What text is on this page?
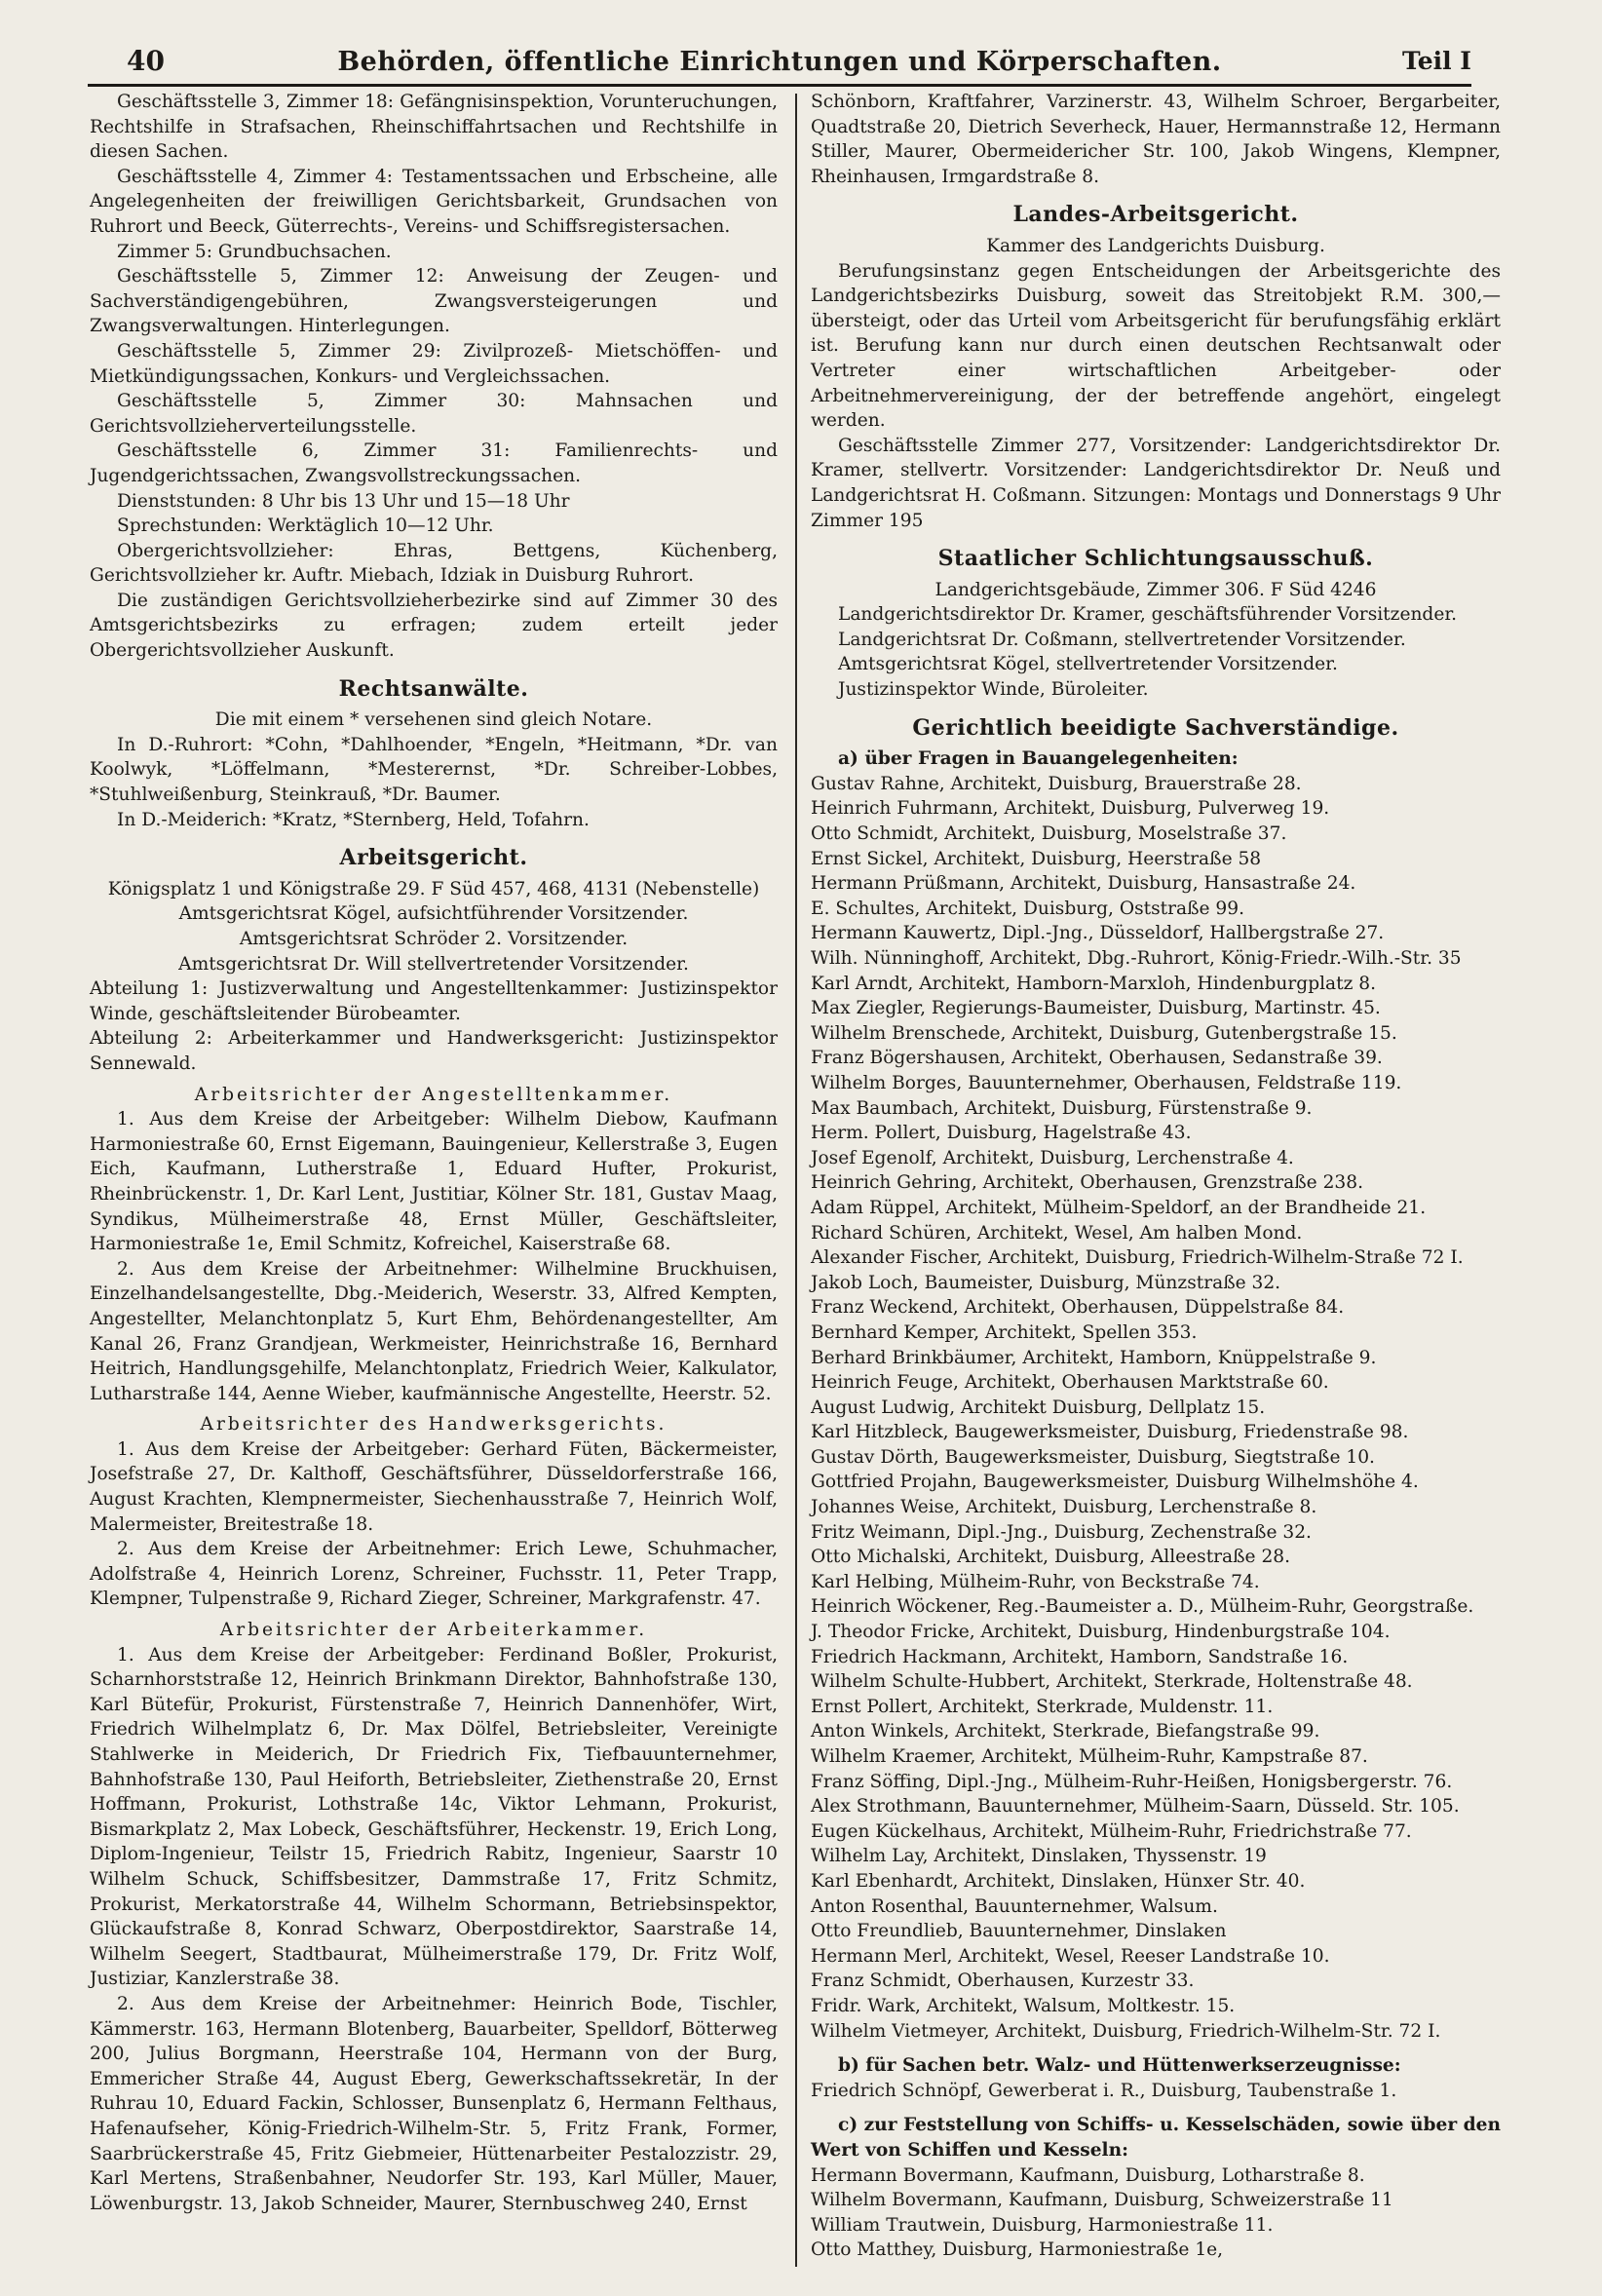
40	Behörden, öffentliche Einrichtungen und Körperschaften.	Teil I

Geschäftsstelle 3, Zimmer 18: Gefängnisinspektion, Vorunteruchungen, Rechtshilfe in Strafsachen, Rheinschiffahrtsachen und Rechtshilfe in diesen Sachen.

Geschäftsstelle 4, Zimmer 4: Testamentssachen und Erbscheine, alle Angelegenheiten der freiwilligen Gerichtsbarkeit, Grundsachen von Ruhrort und Beeck, Güterrechts-, Vereins- und Schiffsregistersachen.

Zimmer 5: Grundbuchsachen.

Geschäftsstelle 5, Zimmer 12: Anweisung der Zeugen- und Sachverständigengebühren, Zwangsversteigerungen und Zwangsverwaltungen. Hinterlegungen.

Geschäftsstelle 5, Zimmer 29: Zivilprozeß- Mietschöffen- und Mietkündigungssachen, Konkurs- und Vergleichssachen.

Geschäftsstelle 5, Zimmer 30: Mahnsachen und Gerichtsvollzieherverteilungsstelle.

Geschäftsstelle 6, Zimmer 31: Familienrechts- und Jugendgerichtssachen, Zwangsvollstreckungssachen.

Dienststunden: 8 Uhr bis 13 Uhr und 15—18 Uhr

Sprechstunden: Werktäglich 10—12 Uhr.

Obergerichtsvollzieher: Ehras, Bettgens, Küchenberg, Gerichtsvollzieher kr. Auftr. Miebach, Idziak in Duisburg Ruhrort.

Die zuständigen Gerichtsvollzieherbezirke sind auf Zimmer 30 des Amtsgerichtsbezirks zu erfragen; zudem erteilt jeder Obergerichtsvollzieher Auskunft.

Rechtsanwälte.

Die mit einem * versehenen sind gleich Notare.

In D.-Ruhrort: *Cohn, *Dahlhoender, *Engeln, *Heitmann, *Dr. van Koolwyk, *Löffelmann, *Mesterernst, *Dr. Schreiber-Lobbes, *Stuhlweißenburg, Steinkrauß, *Dr. Baumer.

In D.-Meiderich: *Kratz, *Sternberg, Held, Tofahrn.

Arbeitsgericht.

Königsplatz 1 und Königstraße 29. F Süd 457, 468, 4131 (Nebenstelle)

Amtsgerichtsrat Kögel, aufsichtführender Vorsitzender.

Amtsgerichtsrat Schröder 2. Vorsitzender.

Amtsgerichtsrat Dr. Will stellvertretender Vorsitzender.

Abteilung 1: Justizverwaltung und Angestelltenkammer: Justizinspektor Winde, geschäftsleitender Bürobeamter.

Abteilung 2: Arbeiterkammer und Handwerksgericht: Justizinspektor Sennewald.

Arbeitsrichter der Angestelltenkammer.

1. Aus dem Kreise der Arbeitgeber: Wilhelm Diebow, Kaufmann Harmoniestraße 60, Ernst Eigemann, Bauingenieur, Kellerstraße 3, Eugen Eich, Kaufmann, Lutherstraße 1, Eduard Hufter, Prokurist, Rheinbrückenstr. 1, Dr. Karl Lent, Justitiar, Kölner Str. 181, Gustav Maag, Syndikus, Mülheimerstraße 48, Ernst Müller, Geschäftsleiter, Harmoniestraße 1e, Emil Schmitz, Kofreichel, Kaiserstraße 68.

2. Aus dem Kreise der Arbeitnehmer: Wilhelmine Bruckhuisen, Einzelhandelsangestellte, Dbg.-Meiderich, Weserstr. 33, Alfred Kempten, Angestellter, Melanchtonplatz 5, Kurt Ehm, Behördenangestellter, Am Kanal 26, Franz Grandjean, Werkmeister, Heinrichstraße 16, Bernhard Heitrich, Handlungsgehilfe, Melanchtonplatz, Friedrich Weier, Kalkulator, Lutharstraße 144, Aenne Wieber, kaufmännische Angestellte, Heerstr. 52.

Arbeitsrichter des Handwerksgerichts.

1. Aus dem Kreise der Arbeitgeber: Gerhard Füten, Bäckermeister, Josefstraße 27, Dr. Kalthoff, Geschäftsführer, Düsseldorferstraße 166, August Krachten, Klempnermeister, Siechenhausstraße 7, Heinrich Wolf, Malermeister, Breitestraße 18.

2. Aus dem Kreise der Arbeitnehmer: Erich Lewe, Schuhmacher, Adolfstraße 4, Heinrich Lorenz, Schreiner, Fuchsstr. 11, Peter Trapp, Klempner, Tulpenstraße 9, Richard Zieger, Schreiner, Markgrafenstr. 47.

Arbeitsrichter der Arbeiterkammer.

1. Aus dem Kreise der Arbeitgeber: Ferdinand Boßler, Prokurist, Scharnhorststraße 12, Heinrich Brinkmann Direktor, Bahnhofstraße 130, Karl Bütefür, Prokurist, Fürstenstraße 7, Heinrich Dannenhöfer, Wirt, Friedrich Wilhelmplatz 6, Dr. Max Dölfel, Betriebsleiter, Vereinigte Stahlwerke in Meiderich, Dr Friedrich Fix, Tiefbauunternehmer, Bahnhofstraße 130, Paul Heiforth, Betriebsleiter, Ziethenstraße 20, Ernst Hoffmann, Prokurist, Lothstraße 14c, Viktor Lehmann, Prokurist, Bismarkplatz 2, Max Lobeck, Geschäftsführer, Heckenstr. 19, Erich Long, Diplom-Ingenieur, Teilstr 15, Friedrich Rabitz, Ingenieur, Saarstr 10 Wilhelm Schuck, Schiffsbesitzer, Dammstraße 17, Fritz Schmitz, Prokurist, Merkatorstraße 44, Wilhelm Schormann, Betriebsinspektor, Glückaufstraße 8, Konrad Schwarz, Oberpostdirektor, Saarstraße 14, Wilhelm Seegert, Stadtbaurat, Mülheimerstraße 179, Dr. Fritz Wolf, Justiziar, Kanzlerstraße 38.

2. Aus dem Kreise der Arbeitnehmer: Heinrich Bode, Tischler, Kämmerstr. 163, Hermann Blotenberg, Bauarbeiter, Spelldorf, Bötterweg 200, Julius Borgmann, Heerstraße 104, Hermann von der Burg, Emmericher Straße 44, August Eberg, Gewerkschaftssekretär, In der Ruhrau 10, Eduard Fackin, Schlosser, Bunsenplatz 6, Hermann Felthaus, Hafenaufseher, König-Friedrich-Wilhelm-Str. 5, Fritz Frank, Former, Saarbrückerstraße 45, Fritz Giebmeier, Hüttenarbeiter Pestalozzistr. 29, Karl Mertens, Straßenbahner, Neudorfer Str. 193, Karl Müller, Mauer, Löwenburgstr. 13, Jakob Schneider, Maurer, Sternbuschweg 240, Ernst

Schönborn, Kraftfahrer, Varzinerstr. 43, Wilhelm Schroer, Bergarbeiter, Quadtstraße 20, Dietrich Severheck, Hauer, Hermannstraße 12, Hermann Stiller, Maurer, Obermeidericher Str. 100, Jakob Wingens, Klempner, Rheinhausen, Irmgardstraße 8.

Landes-Arbeitsgericht.

Kammer des Landgerichts Duisburg.

Berufungsinstanz gegen Entscheidungen der Arbeitsgerichte des Landgerichtsbezirks Duisburg, soweit das Streitobjekt R.M. 300,— übersteigt, oder das Urteil vom Arbeitsgericht für berufungsfähig erklärt ist. Berufung kann nur durch einen deutschen Rechtsanwalt oder Vertreter einer wirtschaftlichen Arbeitgeber- oder Arbeitnehmervereinigung, der der betreffende angehört, eingelegt werden.

Geschäftsstelle Zimmer 277, Vorsitzender: Landgerichtsdirektor Dr. Kramer, stellvertr. Vorsitzender: Landgerichtsdirektor Dr. Neuß und Landgerichtsrat H. Coßmann. Sitzungen: Montags und Donnerstags 9 Uhr Zimmer 195

Staatlicher Schlichtungsausschuß.

Landgerichtsgebäude, Zimmer 306. F Süd 4246

Landgerichtsdirektor Dr. Kramer, geschäftsführender Vorsitzender.

Landgerichtsrat Dr. Coßmann, stellvertretender Vorsitzender.

Amtsgerichtsrat Kögel, stellvertretender Vorsitzender.

Justizinspektor Winde, Büroleiter.

Gerichtlich beeidigte Sachverständige.

a) über Fragen in Bauangelegenheiten:

Gustav Rahne, Architekt, Duisburg, Brauerstraße 28.

Heinrich Fuhrmann, Architekt, Duisburg, Pulverweg 19.

Otto Schmidt, Architekt, Duisburg, Moselstraße 37.

Ernst Sickel, Architekt, Duisburg, Heerstraße 58

Hermann Prüßmann, Architekt, Duisburg, Hansastraße 24.

E. Schultes, Architekt, Duisburg, Oststraße 99.

Hermann Kauwertz, Dipl.-Jng., Düsseldorf, Hallbergstraße 27.

Wilh. Nünninghoff, Architekt, Dbg.-Ruhrort, König-Friedr.-Wilh.-Str. 35

Karl Arndt, Architekt, Hamborn-Marxloh, Hindenburgplatz 8.

Max Ziegler, Regierungs-Baumeister, Duisburg, Martinstr. 45.

Wilhelm Brenschede, Architekt, Duisburg, Gutenbergstraße 15.

Franz Bögershausen, Architekt, Oberhausen, Sedanstraße 39.

Wilhelm Borges, Bauunternehmer, Oberhausen, Feldstraße 119.

Max Baumbach, Architekt, Duisburg, Fürstenstraße 9.

Herm. Pollert, Duisburg, Hagelstraße 43.

Josef Egenolf, Architekt, Duisburg, Lerchenstraße 4.

Heinrich Gehring, Architekt, Oberhausen, Grenzstraße 238.

Adam Rüppel, Architekt, Mülheim-Speldorf, an der Brandheide 21.

Richard Schüren, Architekt, Wesel, Am halben Mond.

Alexander Fischer, Architekt, Duisburg, Friedrich-Wilhelm-Straße 72 I.

Jakob Loch, Baumeister, Duisburg, Münzstraße 32.

Franz Weckend, Architekt, Oberhausen, Düppelstraße 84.

Bernhard Kemper, Architekt, Spellen 353.

Berhard Brinkbäumer, Architekt, Hamborn, Knüppelstraße 9.

Heinrich Feuge, Architekt, Oberhausen Marktstraße 60.

August Ludwig, Architekt Duisburg, Dellplatz 15.

Karl Hitzbleck, Baugewerksmeister, Duisburg, Friedenstraße 98.

Gustav Dörth, Baugewerksmeister, Duisburg, Siegtstraße 10.

Gottfried Projahn, Baugewerksmeister, Duisburg Wilhelmshöhe 4.

Johannes Weise, Architekt, Duisburg, Lerchenstraße 8.

Fritz Weimann, Dipl.-Jng., Duisburg, Zechenstraße 32.

Otto Michalski, Architekt, Duisburg, Alleestraße 28.

Karl Helbing, Mülheim-Ruhr, von Beckstraße 74.

Heinrich Wöckener, Reg.-Baumeister a. D., Mülheim-Ruhr, Georgstraße.

J. Theodor Fricke, Architekt, Duisburg, Hindenburgstraße 104.

Friedrich Hackmann, Architekt, Hamborn, Sandstraße 16.

Wilhelm Schulte-Hubbert, Architekt, Sterkrade, Holtenstraße 48.

Ernst Pollert, Architekt, Sterkrade, Muldenstr. 11.

Anton Winkels, Architekt, Sterkrade, Biefangstraße 99.

Wilhelm Kraemer, Architekt, Mülheim-Ruhr, Kampstraße 87.

Franz Söffing, Dipl.-Jng., Mülheim-Ruhr-Heißen, Honigsbergerstr. 76.

Alex Strothmann, Bauunternehmer, Mülheim-Saarn, Düsseld. Str. 105.

Eugen Kückelhaus, Architekt, Mülheim-Ruhr, Friedrichstraße 77.

Wilhelm Lay, Architekt, Dinslaken, Thyssenstr. 19

Karl Ebenhardt, Architekt, Dinslaken, Hünxer Str. 40.

Anton Rosenthal, Bauunternehmer, Walsum.

Otto Freundlieb, Bauunternehmer, Dinslaken

Hermann Merl, Architekt, Wesel, Reeser Landstraße 10.

Franz Schmidt, Oberhausen, Kurzestr 33.

Fridr. Wark, Architekt, Walsum, Moltkestr. 15.

Wilhelm Vietmeyer, Architekt, Duisburg, Friedrich-Wilhelm-Str. 72 I.

b) für Sachen betr. Walz- und Hüttenwerkserzeugnisse:

Friedrich Schnöpf, Gewerberat i. R., Duisburg, Taubenstraße 1.

c) zur Feststellung von Schiffs- u. Kesselschäden, sowie über den Wert von Schiffen und Kesseln:

Hermann Bovermann, Kaufmann, Duisburg, Lotharstraße 8.

Wilhelm Bovermann, Kaufmann, Duisburg, Schweizerstraße 11

William Trautwein, Duisburg, Harmoniestraße 11.

Otto Matthey, Duisburg, Harmoniestraße 1e,
